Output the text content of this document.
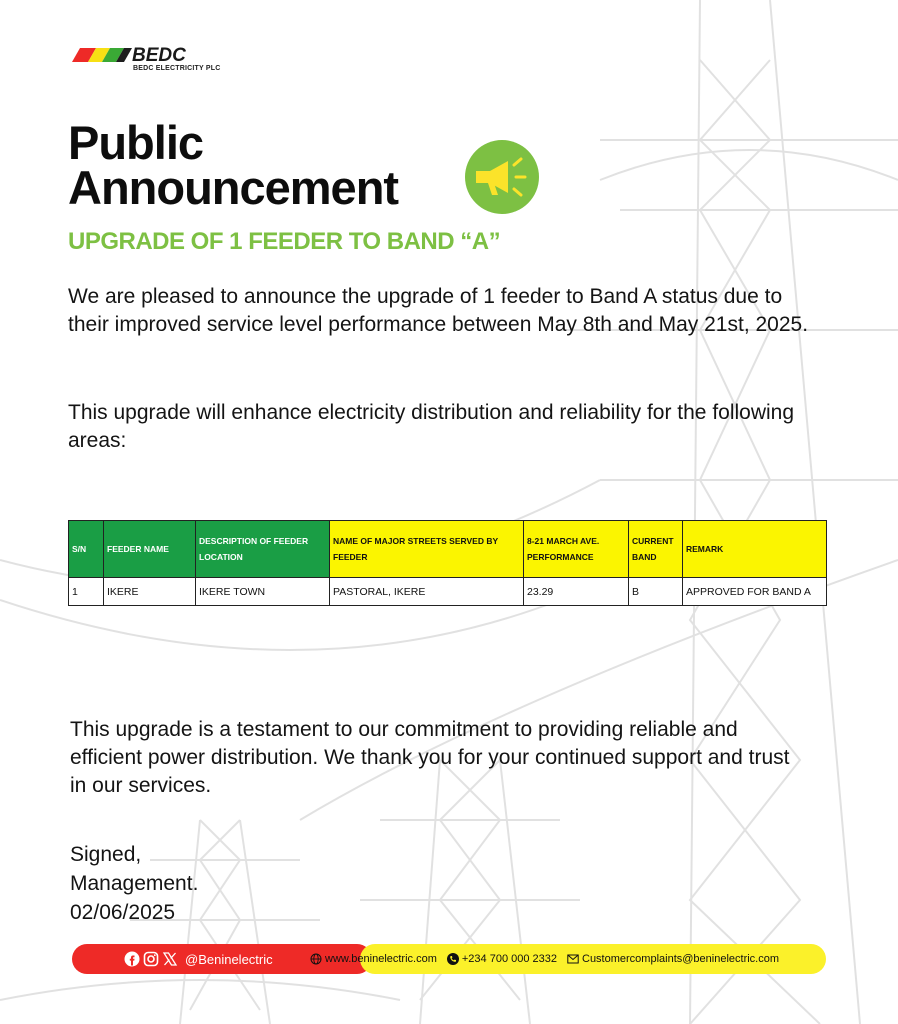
BEDC
BEDC ELECTRICITY PLC
Public
Announcement
UPGRADE OF 1 FEEDER TO BAND “A”
We are pleased to announce the upgrade of 1 feeder to Band A status due to their improved service level performance between May 8th and May 21st, 2025.
This upgrade will enhance electricity distribution and reliability for the following areas:
S/N	FEEDER NAME	DESCRIPTION OF FEEDER LOCATION	NAME OF MAJOR STREETS SERVED BY FEEDER	8-21 MARCH AVE. PERFORMANCE	CURRENT BAND	REMARK
1	IKERE	IKERE TOWN	PASTORAL, IKERE	23.29	B	APPROVED FOR BAND A
This upgrade is a testament to our commitment to providing reliable and efficient power distribution. We thank you for your continued support and trust in our services.
Signed,
Management.
02/06/2025
@Beninelectric	www.beninelectric.com +234 700 000 2332 Customercomplaints@beninelectric.com
